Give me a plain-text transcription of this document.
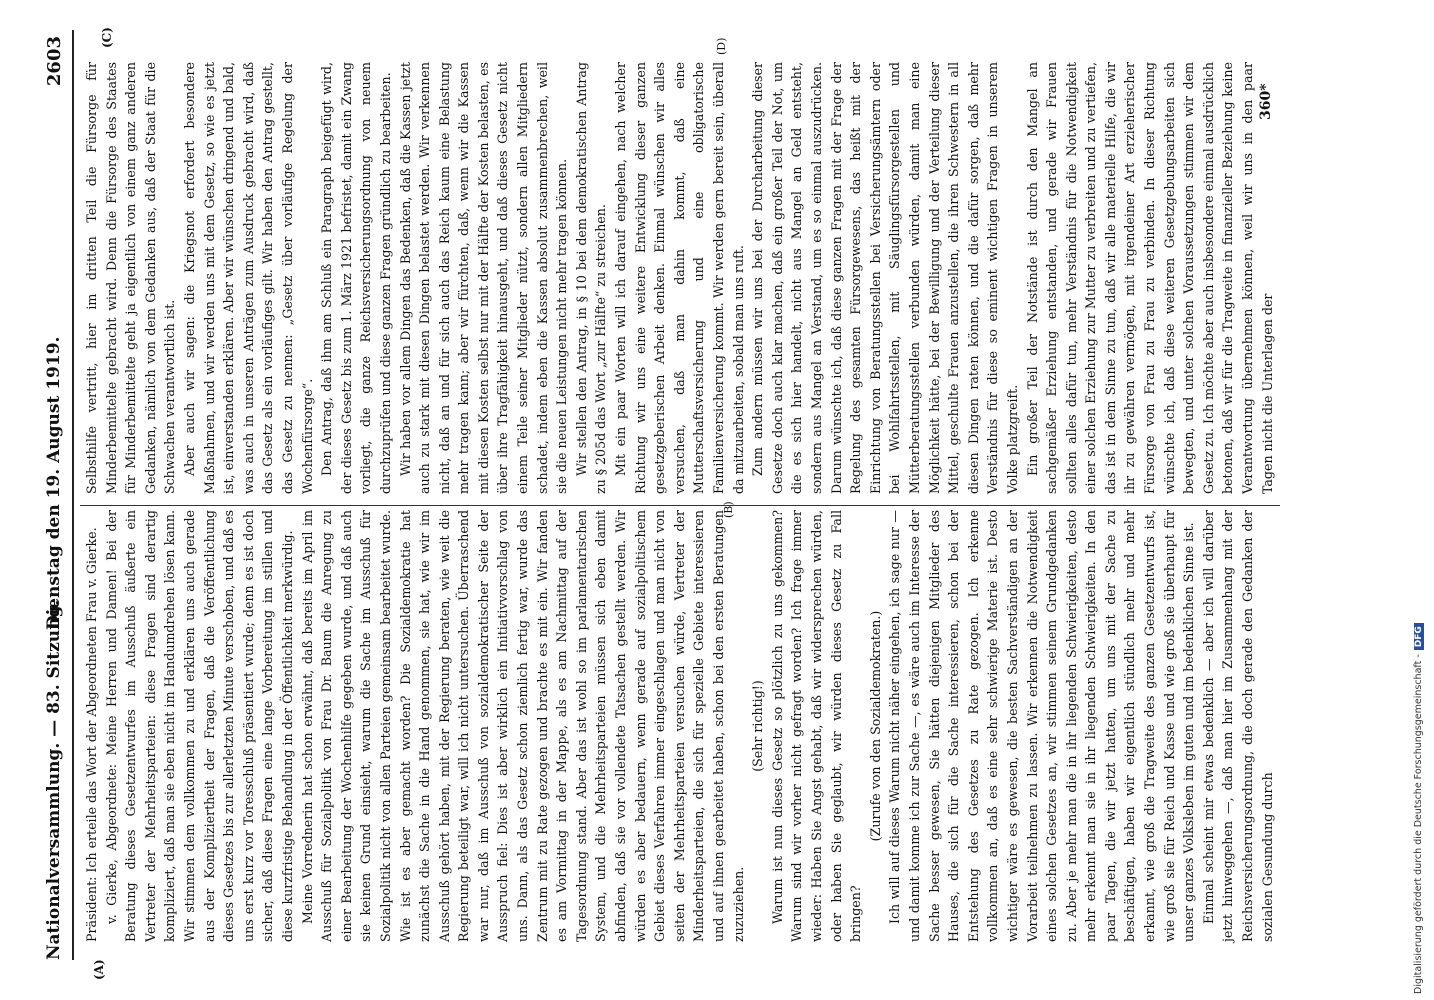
Nationalversammlung. — 83. Sitzung.
Dienstag den 19. August 1919.
2603
(A)
(B)
(C)	(D)

Präsident: Ich erteile das Wort der Abgeordneten Frau v. Gierke. v. Gierke, Abgeordnete: Meine Herren und Damen! Bei der Beratung dieses Gesetzentwurfes im Ausschuß äußerte ein Vertreter der Mehrheitsparteien: diese Fragen sind derartig kompliziert, daß man sie eben nicht im Handumdrehen lösen kann. Wir stimmen dem vollkommen zu und erklären uns auch gerade aus der Kompliziertheit der Fragen, daß die Veröffentlichung dieses Gesetzes bis zur allerletzten Minute verschoben, und daß es uns erst kurz vor Toresschluß präsentiert wurde; denn es ist doch sicher, daß diese Fragen eine lange Vorbereitung im stillen und diese kurzfristige Behandlung in der Öffentlichkeit merkwürdig. Meine Vorrednerin hat schon erwähnt, daß bereits im April im Ausschuß für Sozialpolitik von Frau Dr. Baum die Anregung zu einer Bearbeitung der Wochenhilfe gegeben wurde, und daß auch sie keinen Grund einsieht, warum die Sache im Ausschuß für Sozialpolitik nicht von allen Parteien gemeinsam bearbeitet wurde. Wie ist es aber gemacht worden? Die Sozialdemokratie hat zunächst die Sache in die Hand genommen, sie hat, wie wir im Ausschuß gehört haben, mit der Regierung beraten, wie weit die Regierung beteiligt war, will ich nicht untersuchen. Überraschend war nur, daß im Ausschuß von sozialdemokratischer Seite der Ausspruch fiel: Dies ist aber wirklich ein Initiativvorschlag von uns. Dann, als das Gesetz schon ziemlich fertig war, wurde das Zentrum mit zu Rate gezogen und brachte es mit ein. Wir fanden es am Vormittag in der Mappe, als es am Nachmittag auf der Tagesordnung stand. Aber das ist wohl so im parlamentarischen System, und die Mehrheitsparteien müssen sich eben damit abfinden, daß sie vor vollendete Tatsachen gestellt werden. Wir würden es aber bedauern, wenn gerade auf sozialpolitischem Gebiet dieses Verfahren immer eingeschlagen und man nicht von seiten der Mehrheitsparteien versuchen würde, Vertreter der Minderheitsparteien, die sich für spezielle Gebiete interessieren und auf ihnen gearbeitet haben, schon bei den ersten Beratungen zuzuziehen.

(Sehr richtig!) Warum ist nun dieses Gesetz so plötzlich zu uns gekommen? Warum sind wir vorher nicht gefragt worden? Ich frage immer wieder: Haben Sie Angst gehabt, daß wir widersprechen würden, oder haben Sie geglaubt, wir würden dieses Gesetz zu Fall bringen?

(Zurufe von den Sozialdemokraten.) Ich will auf dieses Warum nicht näher eingehen, ich sage nur — und damit komme ich zur Sache —, es wäre auch im Interesse der Sache besser gewesen, Sie hätten diejenigen Mitglieder des Hauses, die sich für die Sache interessieren, schon bei der Entstehung des Gesetzes zu Rate gezogen. Ich erkenne vollkommen an, daß es eine sehr schwierige Materie ist. Desto wichtiger wäre es gewesen, die besten Sachverständigen an der Vorarbeit teilnehmen zu lassen. Wir erkennen die Notwendigkeit eines solchen Gesetzes an, wir stimmen seinem Grundgedanken zu. Aber je mehr man die in ihr liegenden Schwierigkeiten, desto mehr erkennt man sie in ihr liegenden Schwierigkeiten. In den paar Tagen, die wir jetzt hatten, um uns mit der Sache zu beschäftigen, haben wir eigentlich stündlich mehr und mehr erkannt, wie groß die Tragweite des ganzen Gesetzentwurfs ist, wie groß sie für Reich und Kasse und wie groß sie überhaupt für unser ganzes Volksleben im guten und im bedenklichen Sinne ist. Einmal scheint mir etwas bedenklich — aber ich will darüber jetzt hinweggehen —, daß man hier im Zusammenhang mit der Reichsversicherungsordnung, die doch gerade den Gedanken der sozialen Gesundung durch

Selbsthilfe vertritt, hier im dritten Teil die Fürsorge für Minderbemittelte gebracht wird. Denn die Fürsorge des Staates für Minderbemittelte geht ja eigentlich von einem ganz anderen Gedanken, nämlich von dem Gedanken aus, daß der Staat für die Schwachen verantwortlich ist. Aber auch wir sagen: die Kriegsnot erfordert besondere Maßnahmen, und wir werden uns mit dem Gesetz, so wie es jetzt ist, einverstanden erklären. Aber wir wünschen dringend und bald, was auch in unseren Anträgen zum Ausdruck gebracht wird, daß das Gesetz als ein vorläufiges gilt. Wir haben den Antrag gestellt, das Gesetz zu nennen: „Gesetz über vorläufige Regelung der Wochenfürsorge“. Den Antrag, daß ihm am Schluß ein Paragraph beigefügt wird, der dieses Gesetz bis zum 1. März 1921 befristet, damit ein Zwang vorliegt, die ganze Reichsversicherungsordnung von neuem durchzuprüfen und diese ganzen Fragen gründlich zu bearbeiten. Wir haben vor allem Dingen das Bedenken, daß die Kassen jetzt auch zu stark mit diesen Dingen belastet werden. Wir verkennen nicht, daß an und für sich auch das Reich kaum eine Belastung mehr tragen kann; aber wir fürchten, daß, wenn wir die Kassen mit diesen Kosten selbst nur mit der Hälfte der Kosten belasten, es über ihre Tragfähigkeit hinausgeht, und daß dieses Gesetz nicht einem Teile seiner Mitglieder nützt, sondern allen Mitgliedern schadet, indem eben die Kassen absolut zusammenbrechen, weil sie die neuen Leistungen nicht mehr tragen können. Wir stellen den Antrag, in § 10 bei dem demokratischen Antrag zu § 205d das Wort „zur Hälfte“ zu streichen. Mit ein paar Worten will ich darauf eingehen, nach welcher Richtung wir uns eine weitere Entwicklung dieser ganzen gesetzgeberischen Arbeit denken. Einmal wünschen wir alles versuchen, daß man dahin kommt, daß eine Mutterschaftsversicherung und eine obligatorische Familienversicherung kommt. Wir werden gern bereit sein, überall da mitzuarbeiten, sobald man uns ruft. Zum andern müssen wir uns bei der Durcharbeitung dieser Gesetze doch auch klar machen, daß ein großer Teil der Not, um die es sich hier handelt, nicht aus Mangel an Geld entsteht, sondern aus Mangel an Verstand, um es so einmal auszudrücken. Darum wünschte ich, daß diese ganzen Fragen mit der Frage der Regelung des gesamten Fürsorgewesens, das heißt mit der Einrichtung von Beratungsstellen bei Versicherungsämtern oder bei Wohlfahrtsstellen, mit Säuglingsfürsorgestellen und Mütterberatungsstellen verbunden würden, damit man eine Möglichkeit hätte, bei der Bewilligung und der Verteilung dieser Mittel, geschulte Frauen anzustellen, die ihren Schwestern in all diesen Dingen raten können, und die dafür sorgen, daß mehr Verständnis für diese so eminent wichtigen Fragen in unserem Volke platzgreift. Ein großer Teil der Notstände ist durch den Mangel an sachgemäßer Erziehung entstanden, und gerade wir Frauen sollten alles dafür tun, mehr Verständnis für die Notwendigkeit einer solchen Erziehung zur Mutter zu verbreiten und zu vertiefen, das ist in dem Sinne zu tun, daß wir alle materielle Hilfe, die wir ihr zu gewähren vermögen, mit irgendeiner Art erzieherischer Fürsorge von Frau zu Frau zu verbinden. In dieser Richtung wünschte ich, daß diese weiteren Gesetzgebungsarbeiten sich bewegten, und unter solchen Voraussetzungen stimmen wir dem Gesetz zu. Ich möchte aber auch insbesondere einmal ausdrücklich betonen, daß wir für die Tragweite in finanzieller Beziehung keine Verantwortung übernehmen können, weil wir uns in den paar Tagen nicht die Unterlagen der

360*
Digitalisierung gefördert durch die Deutsche Forschungsgemeinschaft -DFG
